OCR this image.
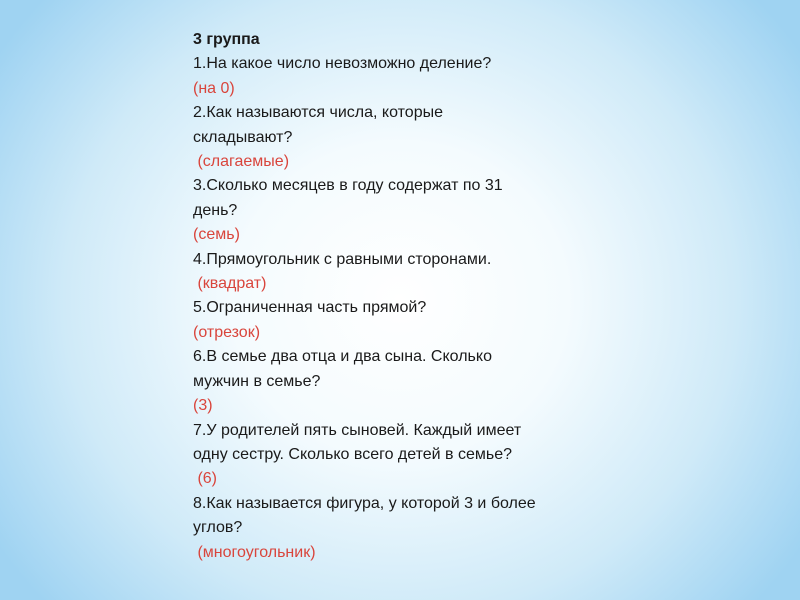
3 группа
1.На какое число невозможно деление?
(на 0)
2.Как называются числа, которые
складывают?
(слагаемые)
3.Сколько месяцев в году содержат по 31
день?
(семь)
4.Прямоугольник с равными сторонами.
(квадрат)
5.Ограниченная часть прямой?
(отрезок)
6.В семье два отца и два сына. Сколько
мужчин в семье?
(3)
7.У родителей пять сыновей. Каждый имеет
одну сестру. Сколько всего детей в семье?
(6)
8.Как называется фигура, у которой 3 и более
углов?
(многоугольник)
